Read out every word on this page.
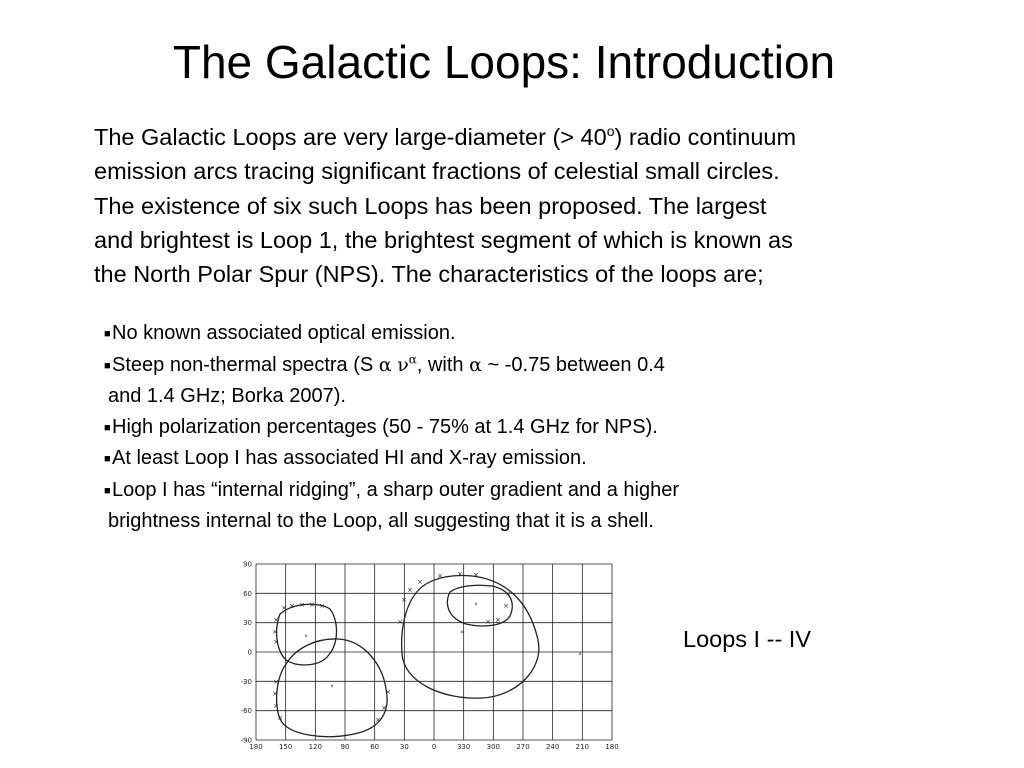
The Galactic Loops: Introduction
The Galactic Loops are very large-diameter (> $40^o$) radio continuum
emission arcs tracing significant fractions of celestial small circles.
The existence of six such Loops has been proposed. The largest
and brightest is Loop 1, the brightest segment of which is known as
the North Polar Spur (NPS). The characteristics of the loops are;
■No known associated optical emission.
■Steep non-thermal spectra (S α $\nu^\alpha$, with α ~ -0.75 between 0.4
and 1.4 GHz; Borka 2007).
■High polarization percentages (50 - 75% at 1.4 GHz for NPS).
■At least Loop I has associated HI and X-ray emission.
■Loop I has “internal ridging”, a sharp outer gradient and a higher
brightness internal to the Loop, all suggesting that it is a shell.
90
60
30
0
-30
-60
-90
180 150 120	90	60	30	0	330 300 270 240 210 180
× × × × ×
×
×
×
×
×
×
×	×
×
×
×
×
×
× × ×
×	× ×
×
×
∘
∘
∘
∘
∘
Loops I -- IV
